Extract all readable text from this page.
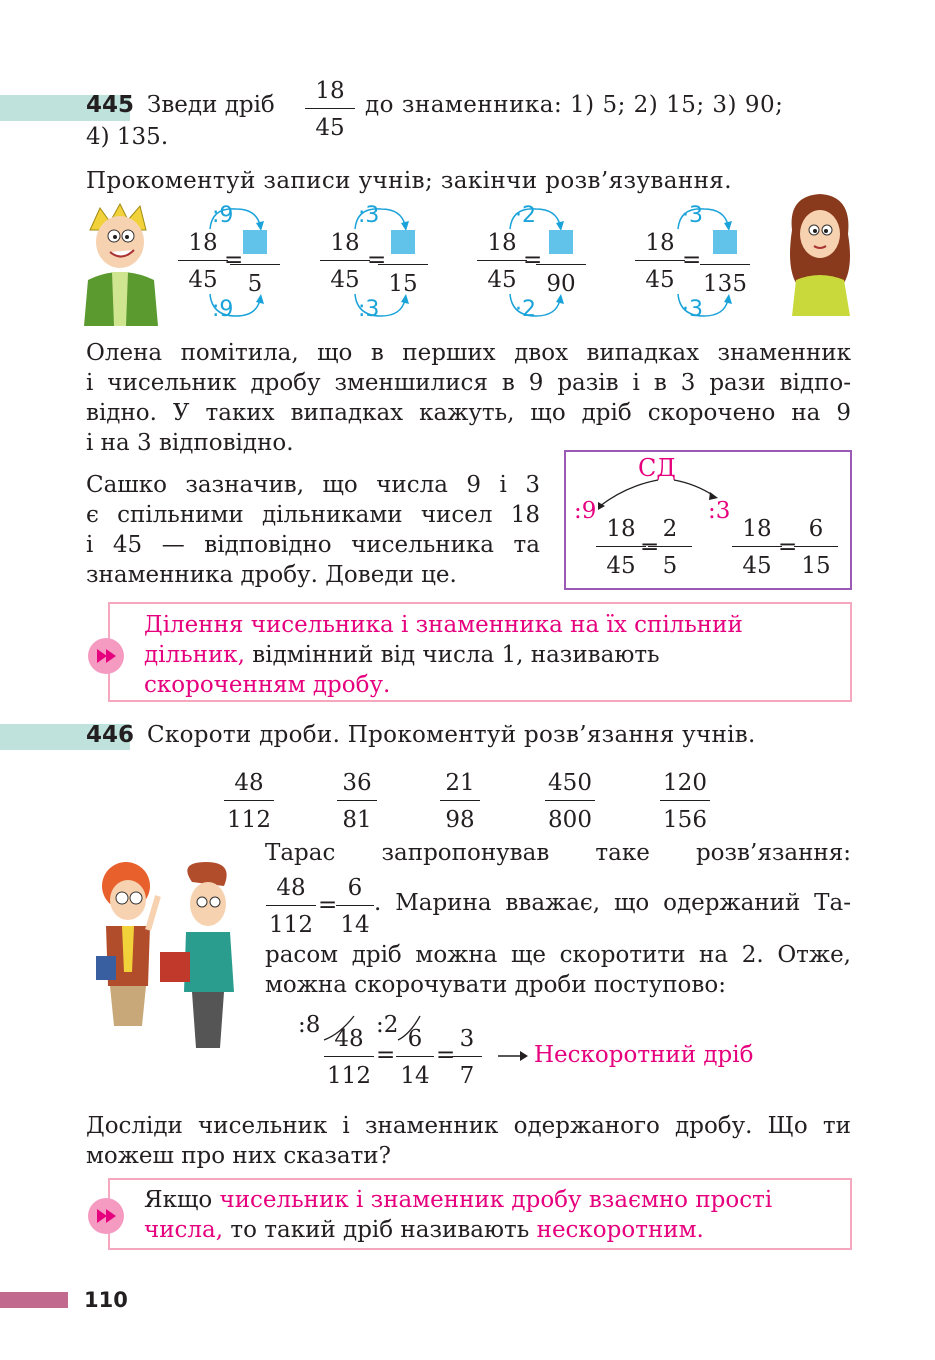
445 Зведи дріб
18
45
до знаменника: 1) 5; 2) 15; 3) 90;
4) 135.
Прокоментуй записи учнів; закінчи розв’язування.
:9
18
45
=
5
:9
:3
18
45
=
15
:3
·2
18
45
=
90
·2
·3
18
45
=
135
·3
Олена помітила, що в перших двох випадках знаменник
і чисельник дробу зменшилися в 9 разів і в 3 рази відпо-
відно. У таких випадках кажуть, що дріб скорочено на 9
і на 3 відповідно.
Сашко зазначив, що числа 9 і 3
є спільними дільниками чисел 18
і 45 — відповідно чисельника та
знаменника дробу. Доведи це.
СД
:9
18
45
=
2
5
:3
18
45
=
6
15
Ділення чисельника і знаменника на їх спільний
дільник, відмінний від числа 1, називають
скороченням дробу.
446 Скороти дроби. Прокоментуй розв’язання учнів.
48
112
36
81
21
98
450
800
120
156
Тарас запропонував таке розв’язання:
48
112
=
6
14
. Марина вважає, що одержаний Та-
расом дріб можна ще скоротити на 2. Отже,
можна скорочувати дроби поступово:
:8
48
112
=
:2
6
14
=
3
7
Нескоротний дріб
Досліди чисельник і знаменник одержаного дробу. Що ти
можеш про них сказати?
Якщо чисельник і знаменник дробу взаємно прості
числа, то такий дріб називають нескоротним.
110
